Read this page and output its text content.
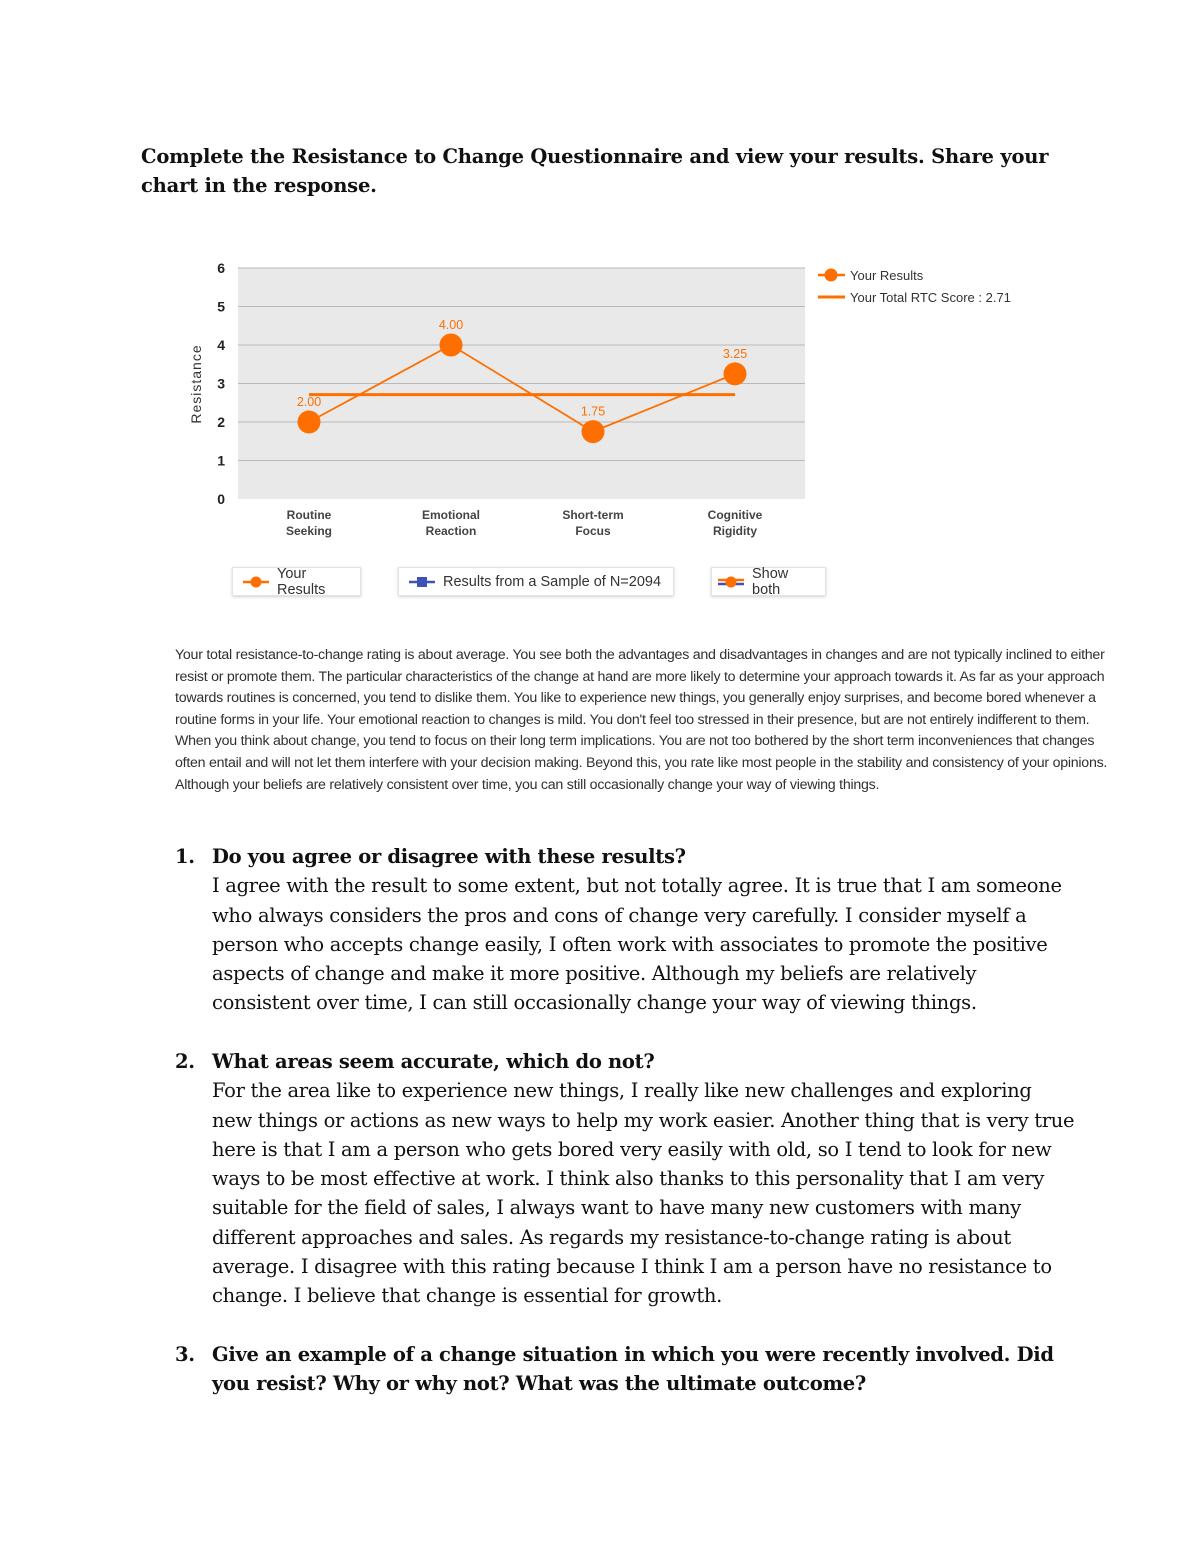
Complete the Resistance to Change Questionnaire and view your results. Share your chart in the response.
0
1
2
3
4
5
6
Resistance
Routine Seeking
Emotional Reaction
Short-term Focus
Cognitive Rigidity
2.00
4.00
1.75
3.25
Your Results
Your Total RTC Score : 2.71
Your Results	Results from a Sample of N=2094	Show both
Your total resistance-to-change rating is about average. You see both the advantages and disadvantages in changes and are not typically inclined to either resist or promote them. The particular characteristics of the change at hand are more likely to determine your approach towards it. As far as your approach towards routines is concerned, you tend to dislike them. You like to experience new things, you generally enjoy surprises, and become bored whenever a routine forms in your life. Your emotional reaction to changes is mild. You don't feel too stressed in their presence, but are not entirely indifferent to them. When you think about change, you tend to focus on their long term implications. You are not too bothered by the short term inconveniences that changes often entail and will not let them interfere with your decision making. Beyond this, you rate like most people in the stability and consistency of your opinions. Although your beliefs are relatively consistent over time, you can still occasionally change your way of viewing things.
1. Do you agree or disagree with these results?
I agree with the result to some extent, but not totally agree. It is true that I am someone who always considers the pros and cons of change very carefully. I consider myself a person who accepts change easily, I often work with associates to promote the positive aspects of change and make it more positive. Although my beliefs are relatively consistent over time, I can still occasionally change your way of viewing things.
2. What areas seem accurate, which do not?
For the area like to experience new things, I really like new challenges and exploring new things or actions as new ways to help my work easier. Another thing that is very true here is that I am a person who gets bored very easily with old, so I tend to look for new ways to be most effective at work. I think also thanks to this personality that I am very suitable for the field of sales, I always want to have many new customers with many different approaches and sales. As regards my resistance-to-change rating is about average. I disagree with this rating because I think I am a person have no resistance to change. I believe that change is essential for growth.
3. Give an example of a change situation in which you were recently involved. Did you resist? Why or why not? What was the ultimate outcome?
